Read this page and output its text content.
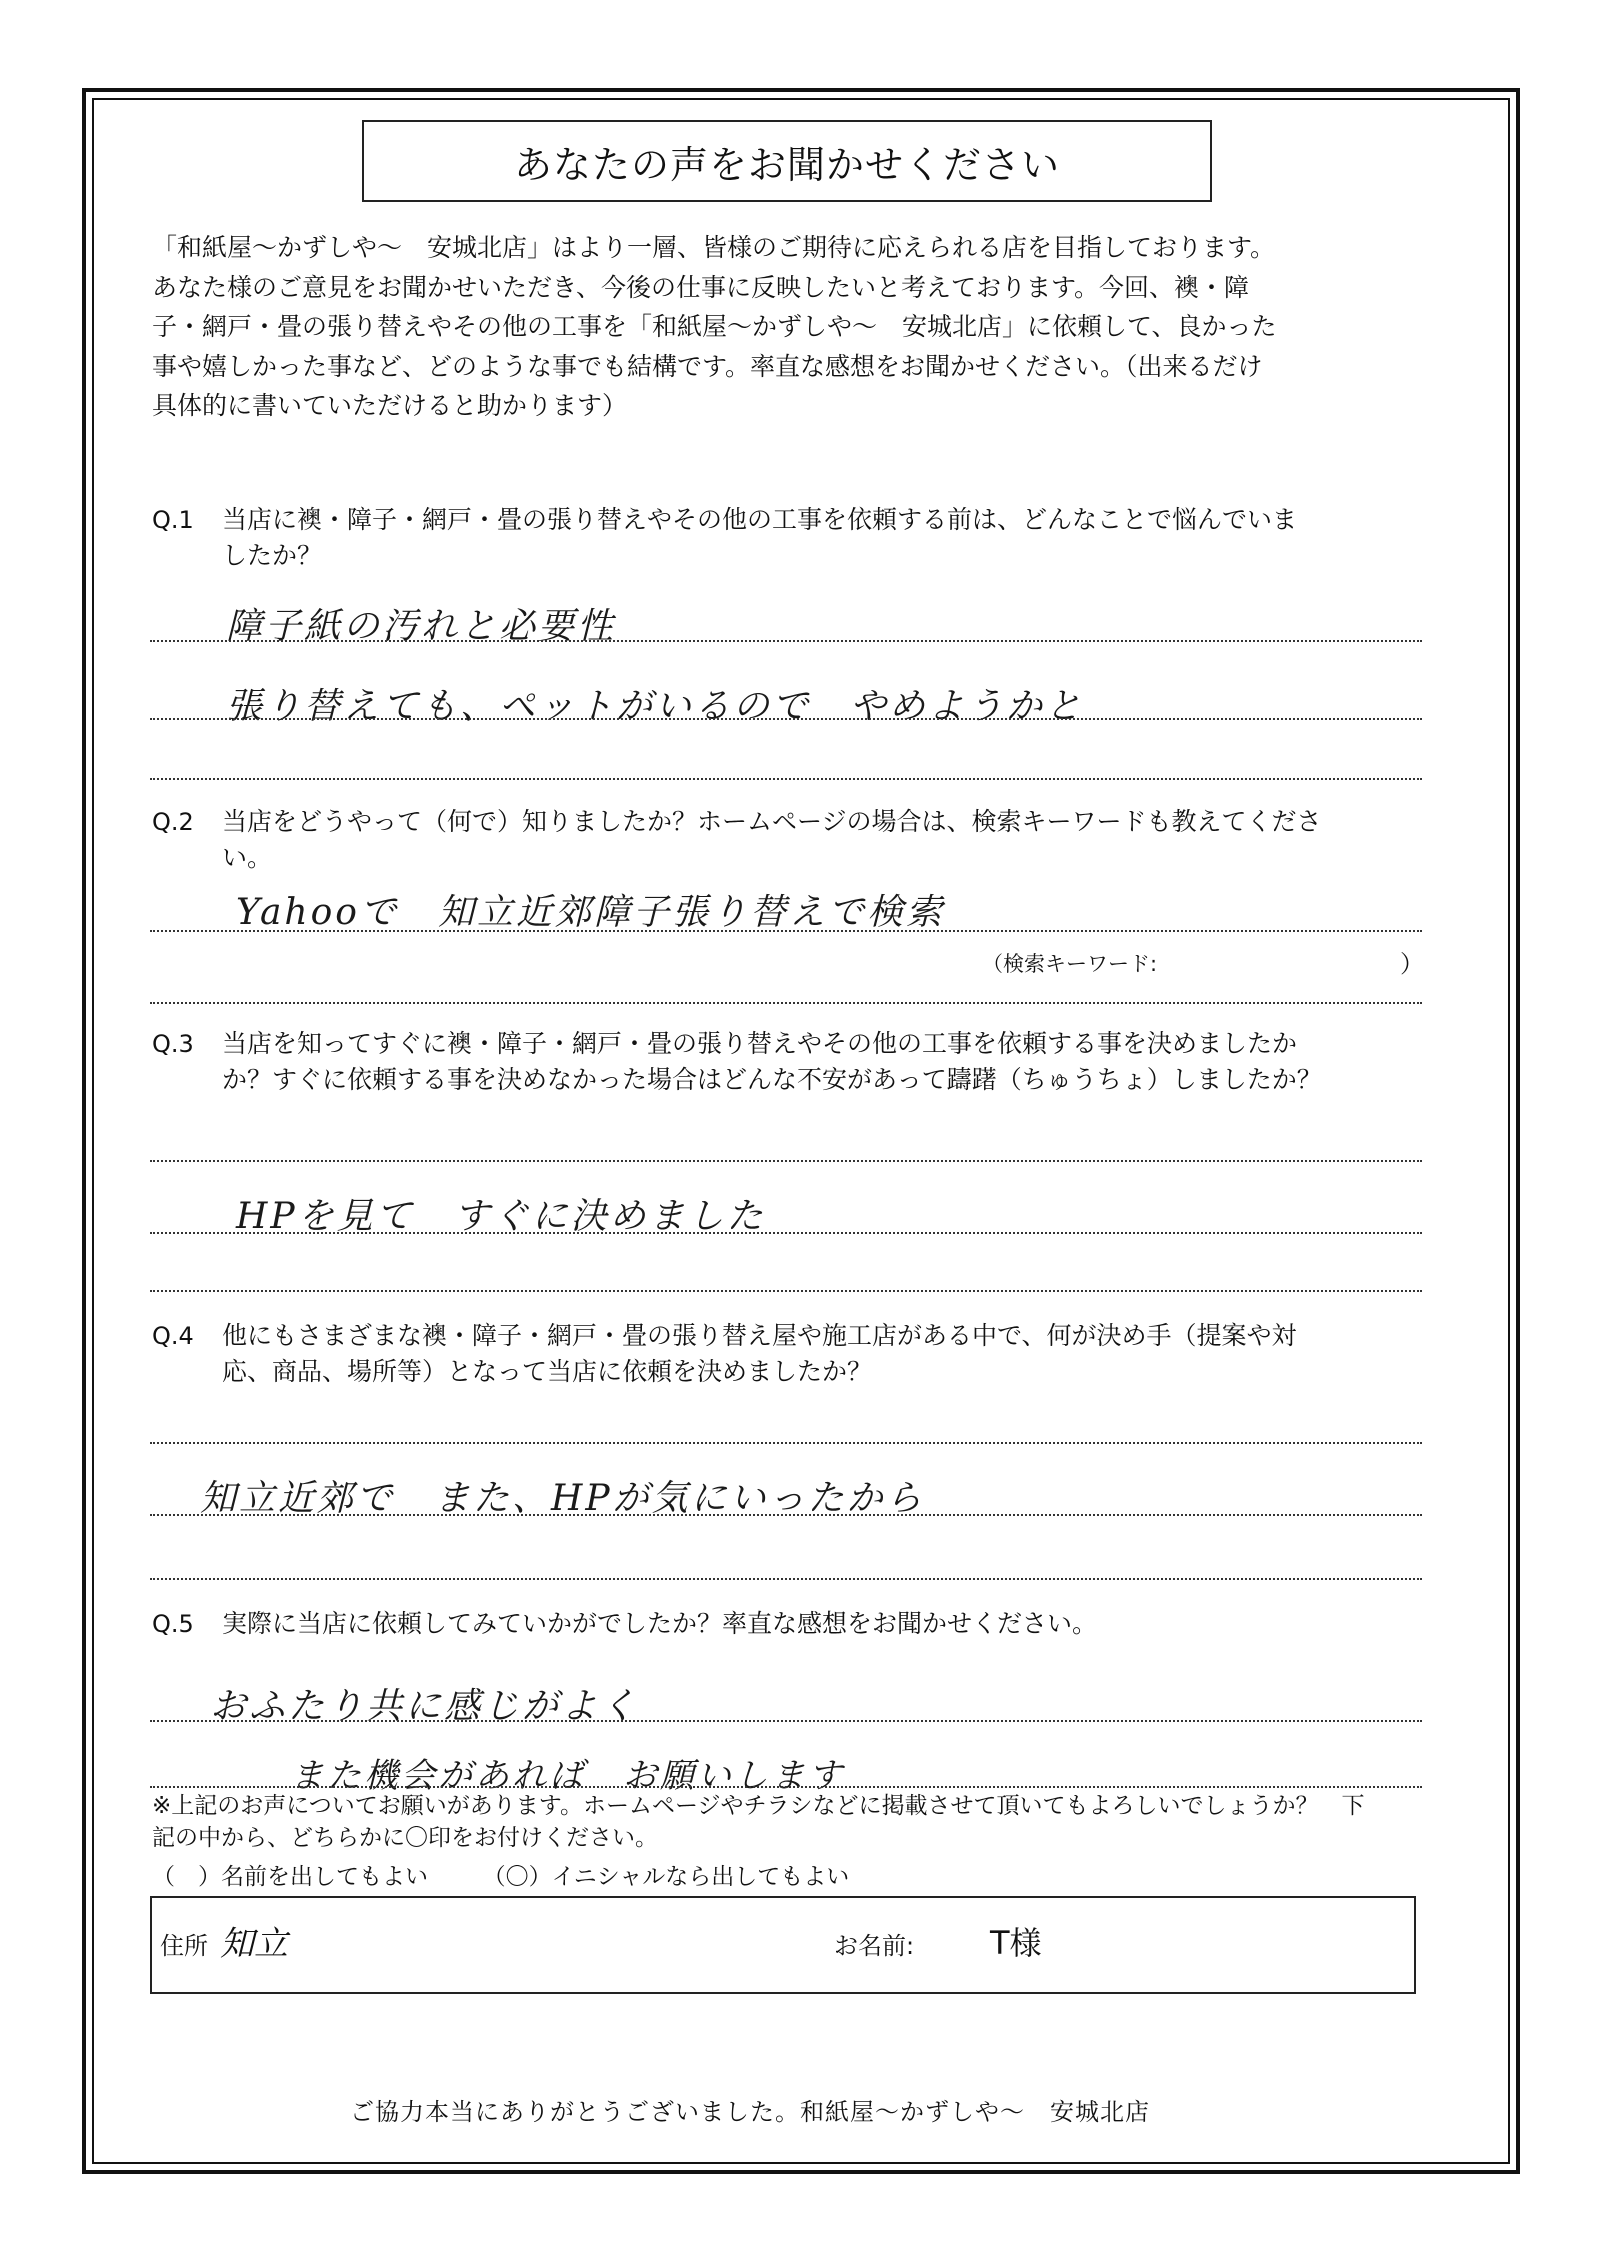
あなたの声をお聞かせください
「和紙屋〜かずしや〜　安城北店」はより一層、皆様のご期待に応えられる店を目指しております。
あなた様のご意見をお聞かせいただき、今後の仕事に反映したいと考えております。今回、襖・障
子・網戸・畳の張り替えやその他の工事を「和紙屋〜かずしや〜　安城北店」に依頼して、良かった
事や嬉しかった事など、どのような事でも結構です。率直な感想をお聞かせください。（出来るだけ
具体的に書いていただけると助かります）
Q.1	当店に襖・障子・網戸・畳の張り替えやその他の工事を依頼する前は、どんなことで悩んでいま
したか？
障子紙の汚れと必要性
張り替えても、ペットがいるので　やめようかと
Q.2	当店をどうやって（何で）知りましたか？ホームページの場合は、検索キーワードも教えてくださ
い。
Yahooで　知立近郊障子張り替えで検索
（検索キーワード:	）
Q.3	当店を知ってすぐに襖・障子・網戸・畳の張り替えやその他の工事を依頼する事を決めましたか
か？すぐに依頼する事を決めなかった場合はどんな不安があって躊躇（ちゅうちょ）しましたか？
HPを見て　すぐに決めました
Q.4	他にもさまざまな襖・障子・網戸・畳の張り替え屋や施工店がある中で、何が決め手（提案や対
応、商品、場所等）となって当店に依頼を決めましたか？
知立近郊で　また、HPが気にいったから
Q.5	実際に当店に依頼してみていかがでしたか？率直な感想をお聞かせください。
おふたり共に感じがよく
また機会があれば　お願いします
※上記のお声についてお願いがあります。ホームページやチラシなどに掲載させて頂いてもよろしいでしょうか？　下
記の中から、どちらかに〇印をお付けください。
（　）名前を出してもよい （〇）イニシャルなら出してもよい
住所 知立	お名前: T様
ご協力本当にありがとうございました。和紙屋〜かずしや〜　安城北店
